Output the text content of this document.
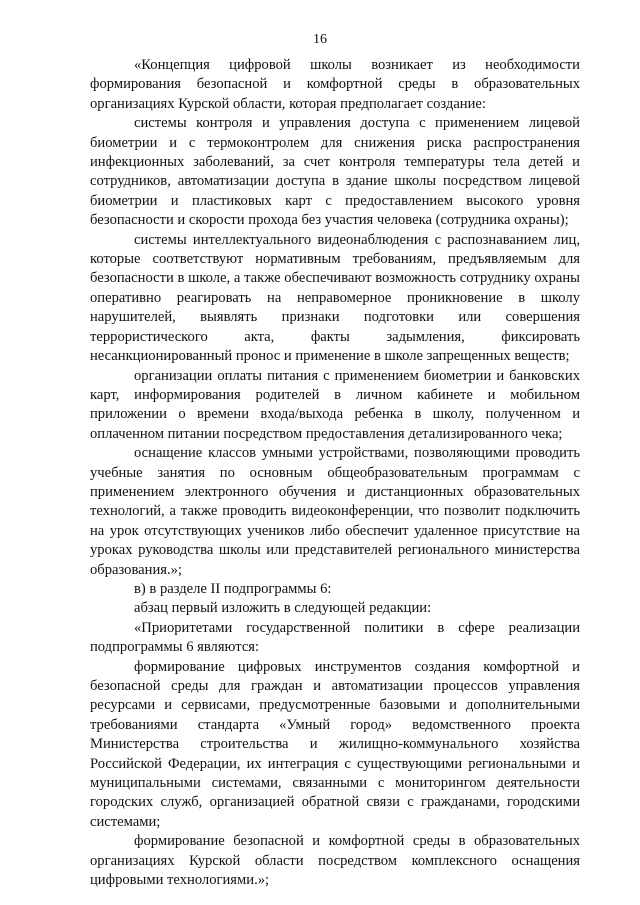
16

«Концепция цифровой школы возникает из необходимости формирования безопасной и комфортной среды в образовательных организациях Курской области, которая предполагает создание:

системы контроля и управления доступа с применением лицевой биометрии и с термоконтролем для снижения риска распространения инфекционных заболеваний, за счет контроля температуры тела детей и сотрудников, автоматизации доступа в здание школы посредством лицевой биометрии и пластиковых карт с предоставлением высокого уровня безопасности и скорости прохода без участия человека (сотрудника охраны);

системы интеллектуального видеонаблюдения с распознаванием лиц, которые соответствуют нормативным требованиям, предъявляемым для безопасности в школе, а также обеспечивают возможность сотруднику охраны оперативно реагировать на неправомерное проникновение в школу нарушителей, выявлять признаки подготовки или совершения террористического акта, факты задымления, фиксировать несанкционированный пронос и применение в школе запрещенных веществ;

организации оплаты питания с применением биометрии и банковских карт, информирования родителей в личном кабинете и мобильном приложении о времени входа/выхода ребенка в школу, полученном и оплаченном питании посредством предоставления детализированного чека;

оснащение классов умными устройствами, позволяющими проводить учебные занятия по основным общеобразовательным программам с применением электронного обучения и дистанционных образовательных технологий, а также проводить видеоконференции, что позволит подключить на урок отсутствующих учеников либо обеспечит удаленное присутствие на уроках руководства школы или представителей регионального министерства образования.»;

в) в разделе II подпрограммы 6:

абзац первый изложить в следующей редакции:

«Приоритетами государственной политики в сфере реализации подпрограммы 6 являются:

формирование цифровых инструментов создания комфортной и безопасной среды для граждан и автоматизации процессов управления ресурсами и сервисами, предусмотренные базовыми и дополнительными требованиями стандарта «Умный город» ведомственного проекта Министерства строительства и жилищно-коммунального хозяйства Российской Федерации, их интеграция с существующими региональными и муниципальными системами, связанными с мониторингом деятельности городских служб, организацией обратной связи с гражданами, городскими системами;

формирование безопасной и комфортной среды в образовательных организациях Курской области посредством комплексного оснащения цифровыми технологиями.»;
